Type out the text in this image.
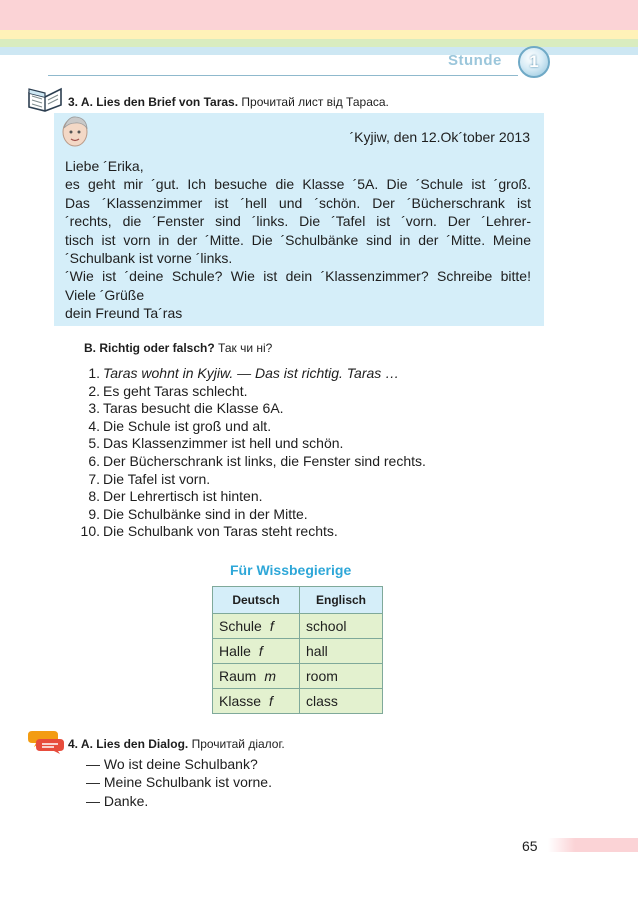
Stunde	1
3. A. Lies den Brief von Taras. Прочитай лист від Тараса.
´Kyjiw, den 12.Ok´tober 2013
Liebe ´Erika,
es geht mir ´gut. Ich besuche die Klasse ´5A. Die ´Schule ist ´groß.
Das ´Klassenzimmer ist ´hell und ´schön. Der ´Bücherschrank ist
´rechts, die ´Fenster sind ´links. Die ´Tafel ist ´vorn. Der ´Lehrer-
tisch ist vorn in der ´Mitte. Die ´Schulbänke sind in der ´Mitte. Meine
´Schulbank ist vorne ´links.
´Wie ist ´deine Schule? Wie ist dein ´Klassenzimmer? Schreibe bitte!
Viele ´Grüße
dein Freund Ta´ras
B. Richtig oder falsch? Так чи ні?
1. Taras wohnt in Kyjiw. — Das ist richtig. Taras …
2. Es geht Taras schlecht.
3. Taras besucht die Klasse 6A.
4. Die Schule ist groß und alt.
5. Das Klassenzimmer ist hell und schön.
6. Der Bücherschrank ist links, die Fenster sind rechts.
7. Die Tafel ist vorn.
8. Der Lehrertisch ist hinten.
9. Die Schulbänke sind in der Mitte.
10. Die Schulbank von Taras steht rechts.
Für Wissbegierige
Deutsch	Englisch
Schule f	school
Halle f	hall
Raum m	room
Klasse f	class
4. A. Lies den Dialog. Прочитай діалог.
— Wo ist deine Schulbank?
— Meine Schulbank ist vorne.
— Danke.
65
